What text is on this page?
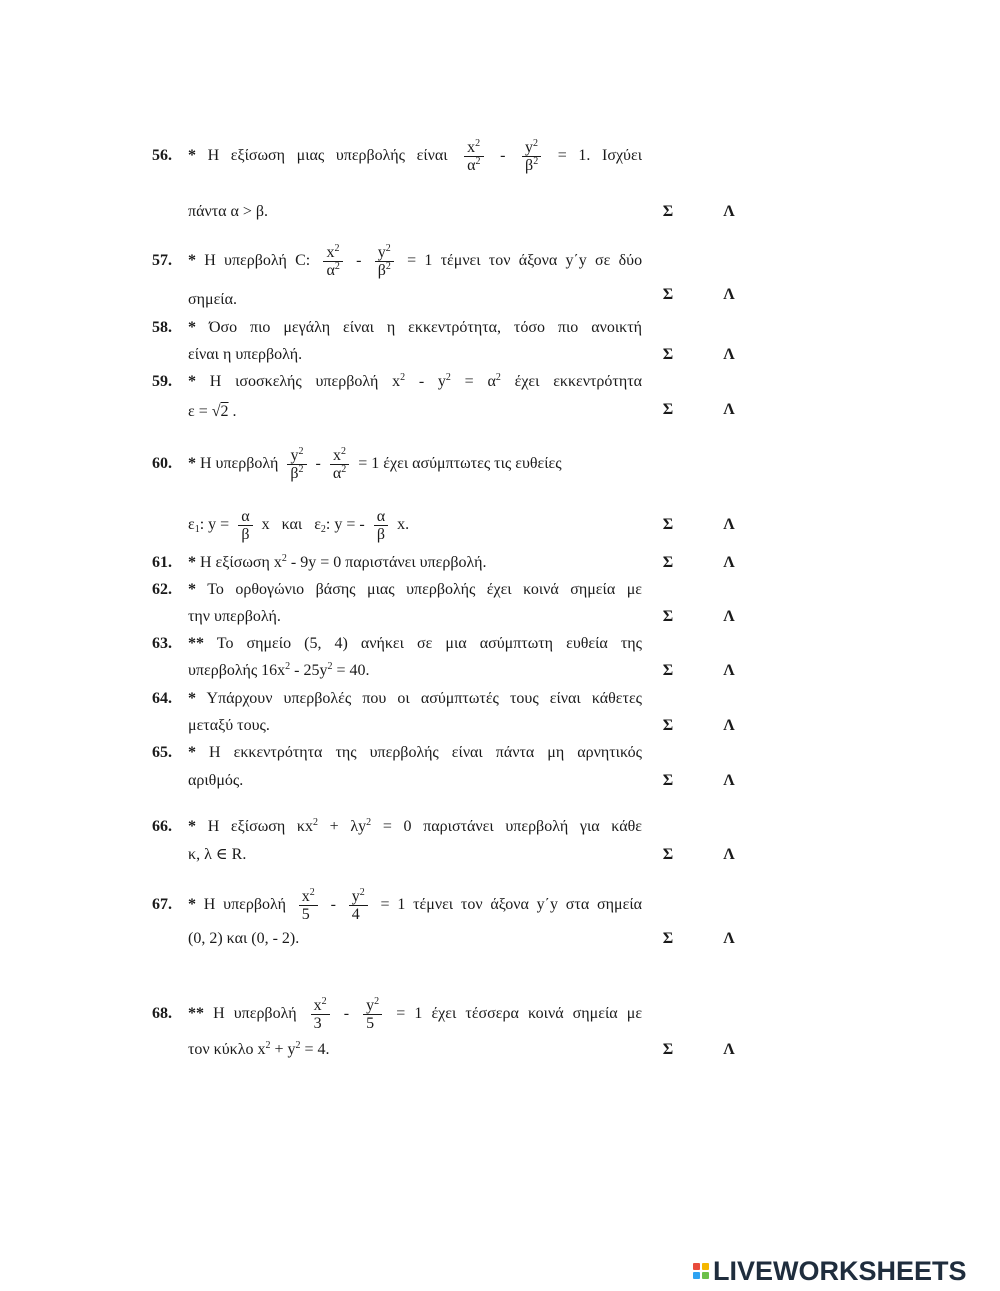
56. * Η εξίσωση μιας υπερβολής είναι $\frac{x^2}{\alpha^2} - \frac{y^2}{\beta^2} = 1$. Ισχύει
πάντα α > β.	Σ	Λ
57. * Η υπερβολή C: $\frac{x^2}{\alpha^2} - \frac{y^2}{\beta^2} = 1$ τέμνει τον άξονα y΄y σε δύο
σημεία.	Σ	Λ
58. * Όσο πιο μεγάλη είναι η εκκεντρότητα, τόσο πιο ανοικτή
είναι η υπερβολή.	Σ	Λ
59. * Η ισοσκελής υπερβολή $x^2 - y^2 = \alpha^2$ έχει εκκεντρότητα
ε = √2 .	Σ	Λ
60. * Η υπερβολή $\frac{y^2}{\beta^2} - \frac{x^2}{\alpha^2} = 1$ έχει ασύμπτωτες τις ευθείες
$\varepsilon_1$: $y = \frac{\alpha}{\beta}$ x και $\varepsilon_2$: y = - $\frac{\alpha}{\beta} x$.	Σ	Λ
61. * Η εξίσωση $x^2 - 9y = 0$ παριστάνει υπερβολή.	Σ	Λ
62. * Το ορθογώνιο βάσης μιας υπερβολής έχει κοινά σημεία με
την υπερβολή.	Σ	Λ
63. ** Το σημείο (5, 4) ανήκει σε μια ασύμπτωτη ευθεία της
υπερβολής $16x^2 - 25y^2 = 40$.	Σ	Λ
64. * Υπάρχουν υπερβολές που οι ασύμπτωτές τους είναι κάθετες
μεταξύ τους.	Σ	Λ
65. * Η εκκεντρότητα της υπερβολής είναι πάντα μη αρνητικός
αριθμός.	Σ	Λ
66. * Η εξίσωση $\kappa x^2 + \lambda y^2 = 0$ παριστάνει υπερβολή για κάθε
κ, λ ∈ R.	Σ	Λ
67. * Η υπερβολή $\frac{x^2}{5} - \frac{y^2}{4} = 1$ τέμνει τον άξονα y΄y στα σημεία
(0, 2) και (0, - 2).	Σ	Λ
68. ** Η υπερβολή $\frac{x^2}{3} - \frac{y^2}{5} = 1$ έχει τέσσερα κοινά σημεία με
τον κύκλο $x^2 + y^2 = 4$.	Σ	Λ
LIVEWORKSHEETS
